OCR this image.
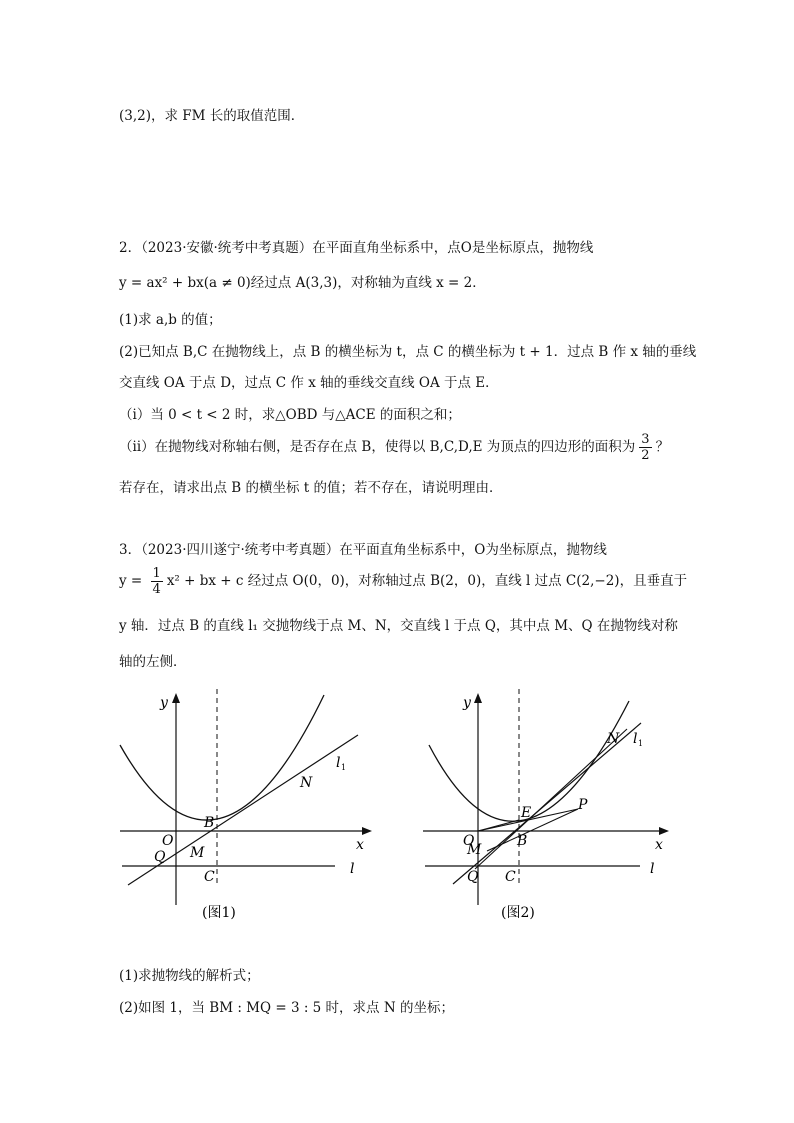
(3,2)，求 FM 长的取值范围．
2．（2023·安徽·统考中考真题）在平面直角坐标系中，点O是坐标原点，抛物线
y = ax² + bx(a ≠ 0)经过点 A(3,3)，对称轴为直线 x = 2．
(1)求 a,b 的值；
(2)已知点 B,C 在抛物线上，点 B 的横坐标为 t，点 C 的横坐标为 t + 1．过点 B 作 x 轴的垂线
交直线 OA 于点 D，过点 C 作 x 轴的垂线交直线 OA 于点 E．
（ⅰ）当 0 < t < 2 时，求△OBD 与△ACE 的面积之和；
（ⅱ）在抛物线对称轴右侧，是否存在点 B，使得以 B,C,D,E 为顶点的四边形的面积为 $\frac{3}{2}$ ？
若存在，请求出点 B 的横坐标 t 的值；若不存在，请说明理由．
3．（2023·四川遂宁·统考中考真题）在平面直角坐标系中，O为坐标原点，抛物线
$y = \frac{1}{4} x^2$ + bx + c 经过点 O(0，0)，对称轴过点 B(2，0)，直线 l 过点 C(2,−2)，且垂直于
y 轴．过点 B 的直线 l₁ 交抛物线于点 M、N，交直线 l 于点 Q，其中点 M、Q 在抛物线对称
轴的左侧．
(1)求抛物线的解析式；
(2)如图 1，当 BM : MQ = 3 : 5 时，求点 N 的坐标；
y
x
O
B
N
M
Q
C
l 1
l
(图1)
y
x
O
E
B
P
N
M
Q C
l 1
l
(图2)
